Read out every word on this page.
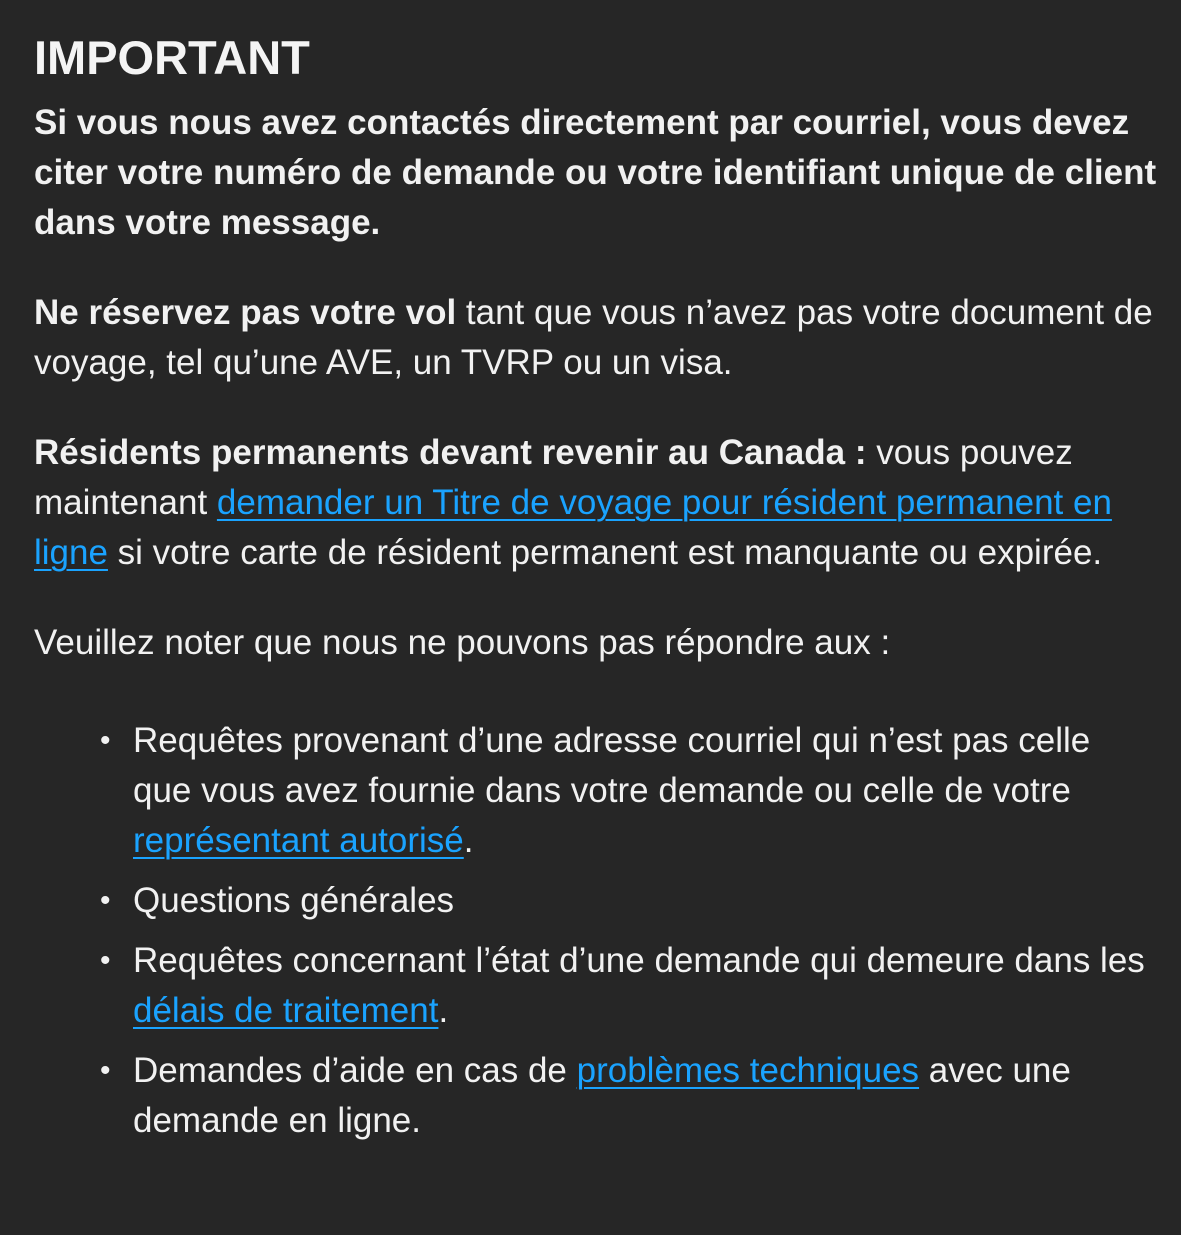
IMPORTANT

Si vous nous avez contactés directement par courriel, vous devez citer votre numéro de demande ou votre identifiant unique de client dans votre message.

Ne réservez pas votre vol tant que vous n’avez pas votre document de voyage, tel qu’une AVE, un TVRP ou un visa.

Résidents permanents devant revenir au Canada : vous pouvez maintenant demander un Titre de voyage pour résident permanent en ligne si votre carte de résident permanent est manquante ou expirée.

Veuillez noter que nous ne pouvons pas répondre aux :

• Requêtes provenant d’une adresse courriel qui n’est pas celle que vous avez fournie dans votre demande ou celle de votre représentant autorisé.
• Questions générales
• Requêtes concernant l’état d’une demande qui demeure dans les délais de traitement.
• Demandes d’aide en cas de problèmes techniques avec une demande en ligne.
